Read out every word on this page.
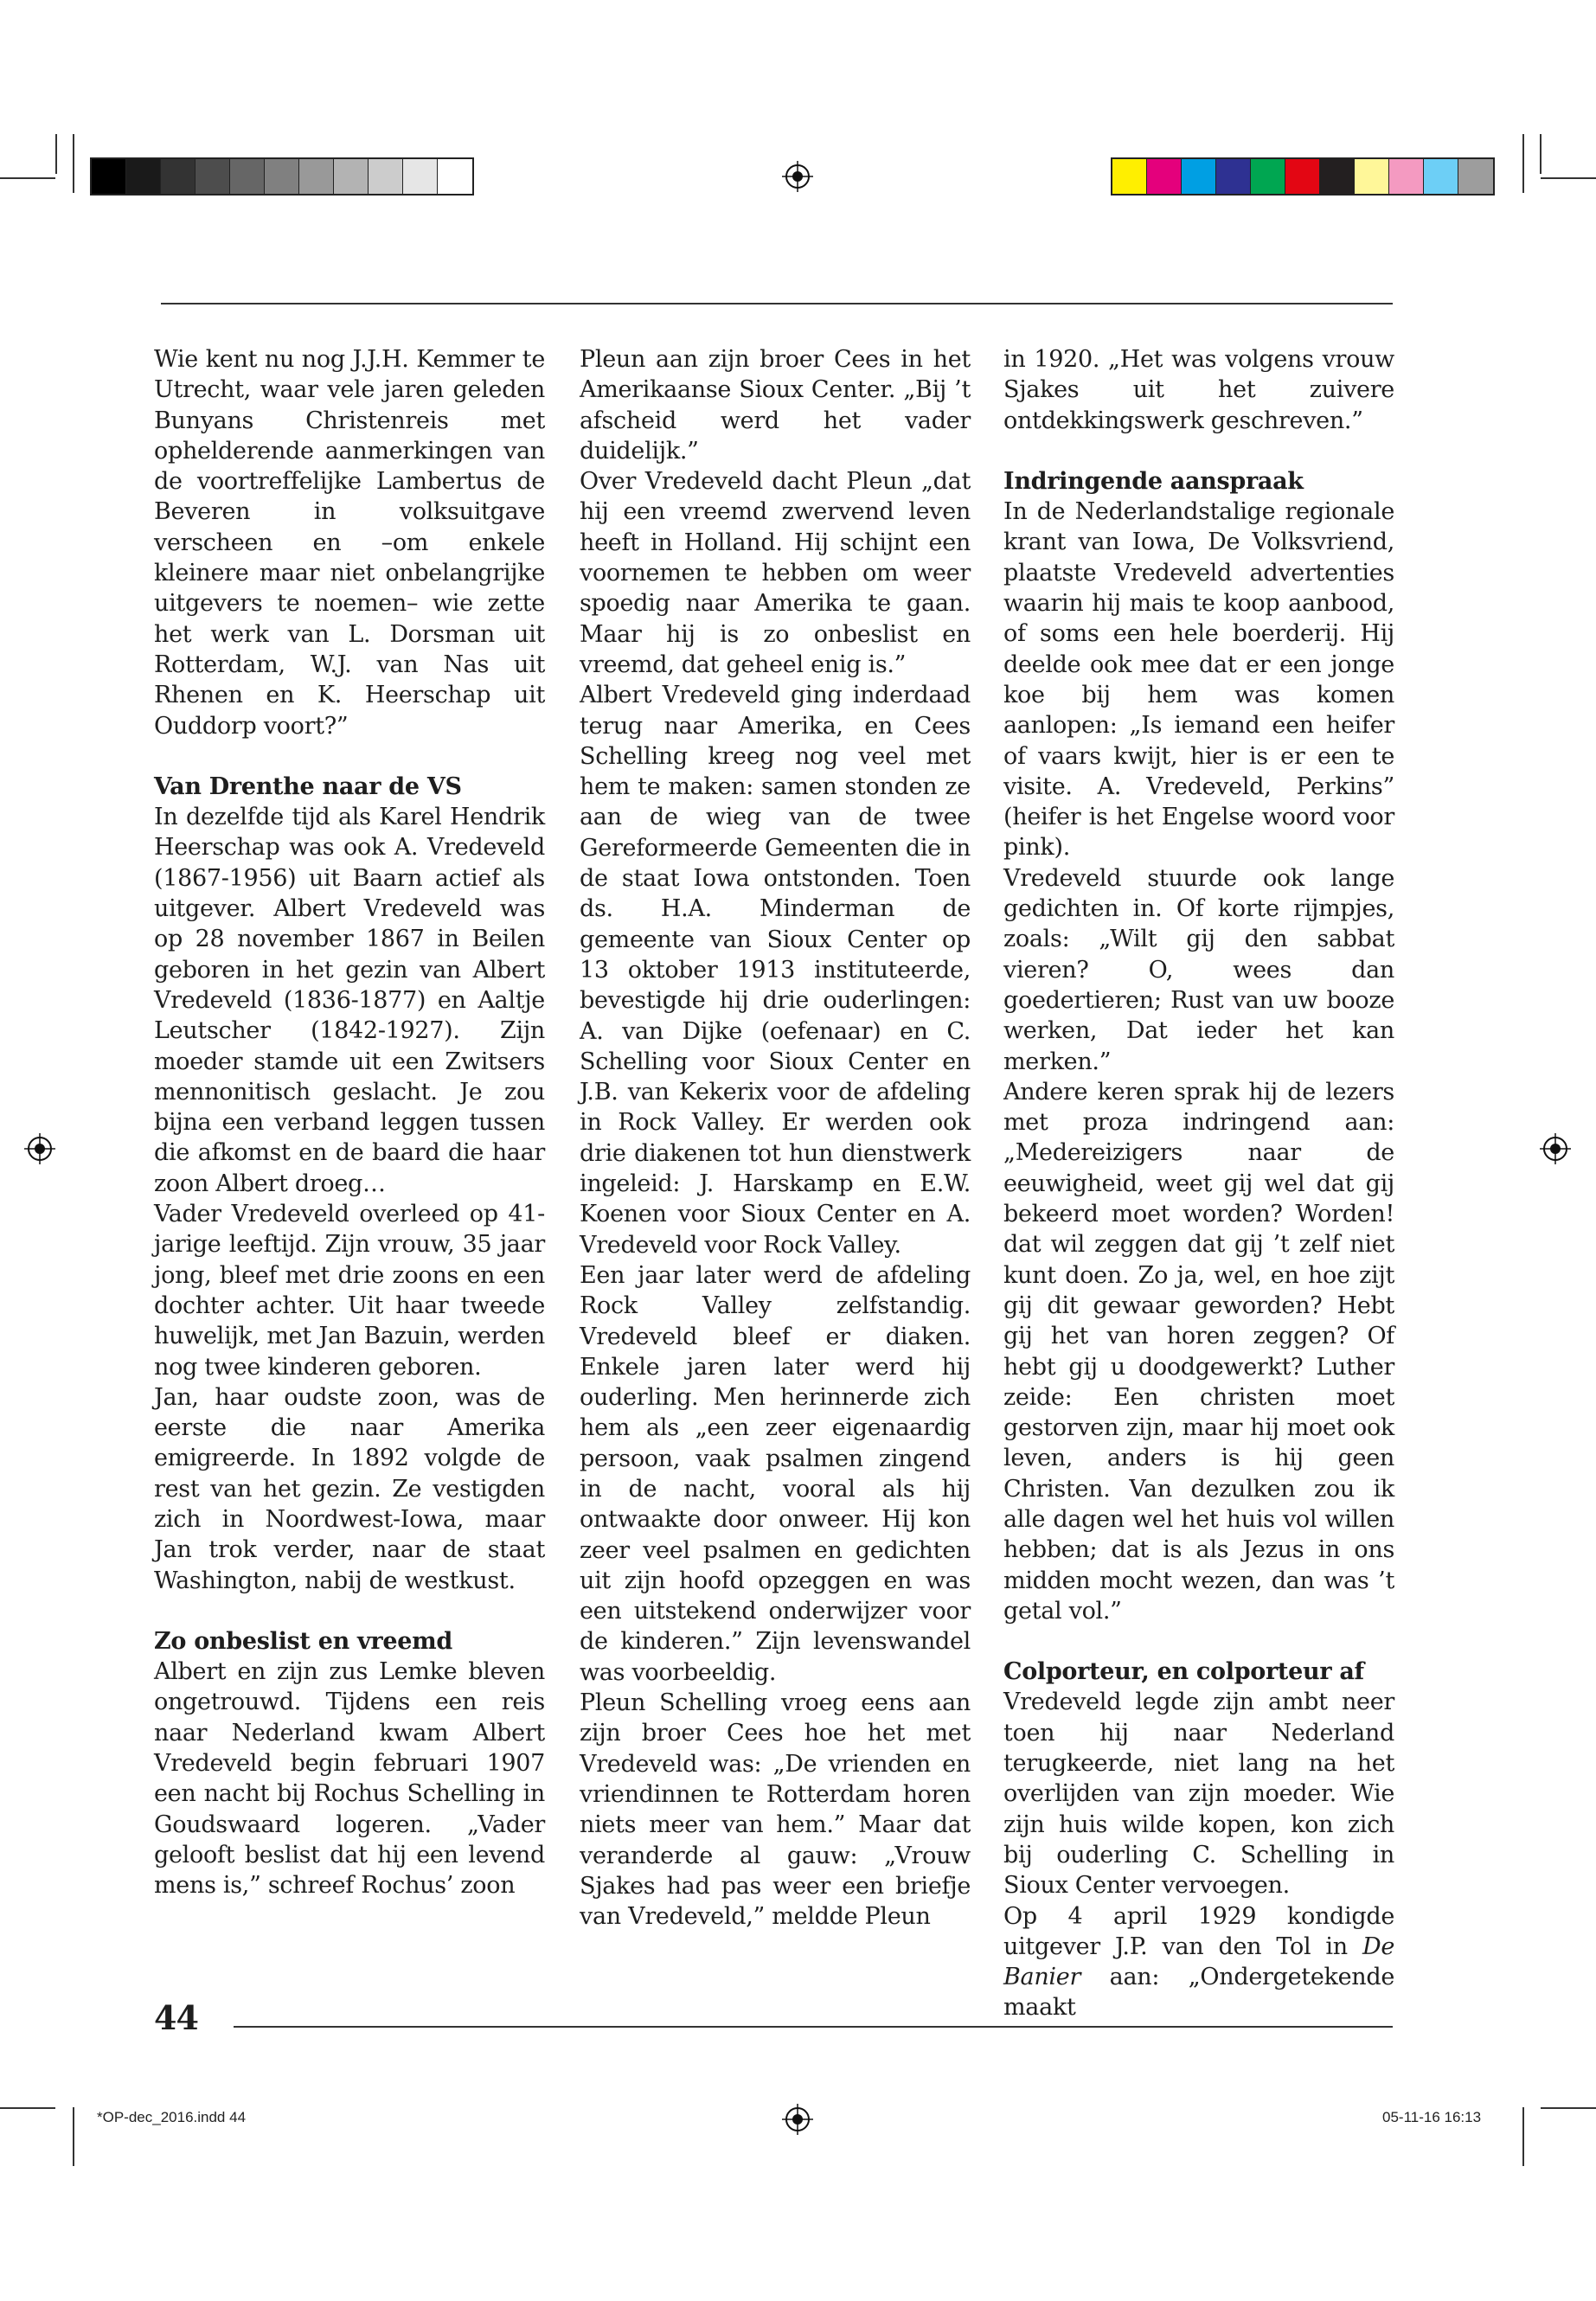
Wie kent nu nog J.J.H. Kemmer te Utrecht, waar vele jaren geleden Bunyans Christenreis met ophelderende aanmerkingen van de voortreffelijke Lambertus de Beveren in volksuitgave verscheen en –om enkele kleinere maar niet onbelangrijke uitgevers te noemen– wie zette het werk van L. Dorsman uit Rotterdam, W.J. van Nas uit Rhenen en K. Heerschap uit Ouddorp voort?”

Van Drenthe naar de VS

In dezelfde tijd als Karel Hendrik Heerschap was ook A. Vredeveld (1867-1956) uit Baarn actief als uitgever. Albert Vredeveld was op 28 november 1867 in Beilen geboren in het gezin van Albert Vredeveld (1836-1877) en Aaltje Leutscher (1842-1927). Zijn moeder stamde uit een Zwitsers mennonitisch geslacht. Je zou bijna een verband leggen tussen die afkomst en de baard die haar zoon Albert droeg…

Vader Vredeveld overleed op 41-jarige leeftijd. Zijn vrouw, 35 jaar jong, bleef met drie zoons en een dochter achter. Uit haar tweede huwelijk, met Jan Bazuin, werden nog twee kinderen geboren.

Jan, haar oudste zoon, was de eerste die naar Amerika emigreerde. In 1892 volgde de rest van het gezin. Ze vestigden zich in Noordwest-Iowa, maar Jan trok verder, naar de staat Washington, nabij de westkust.

Zo onbeslist en vreemd

Albert en zijn zus Lemke bleven ongetrouwd. Tijdens een reis naar Nederland kwam Albert Vredeveld begin februari 1907 een nacht bij Rochus Schelling in Goudswaard logeren. „Vader gelooft beslist dat hij een levend mens is,” schreef Rochus’ zoon

Pleun aan zijn broer Cees in het Amerikaanse Sioux Center. „Bij ’t afscheid werd het vader duidelijk.”

Over Vredeveld dacht Pleun „dat hij een vreemd zwervend leven heeft in Holland. Hij schijnt een voornemen te hebben om weer spoedig naar Amerika te gaan. Maar hij is zo onbeslist en vreemd, dat geheel enig is.”

Albert Vredeveld ging inderdaad terug naar Amerika, en Cees Schelling kreeg nog veel met hem te maken: samen stonden ze aan de wieg van de twee Gereformeerde Gemeenten die in de staat Iowa ontstonden. Toen ds. H.A. Minderman de gemeente van Sioux Center op 13 oktober 1913 instituteerde, bevestigde hij drie ouderlingen: A. van Dijke (oefenaar) en C. Schelling voor Sioux Center en J.B. van Kekerix voor de afdeling in Rock Valley. Er werden ook drie diakenen tot hun dienstwerk ingeleid: J. Harskamp en E.W. Koenen voor Sioux Center en A. Vredeveld voor Rock Valley.

Een jaar later werd de afdeling Rock Valley zelfstandig. Vredeveld bleef er diaken. Enkele jaren later werd hij ouderling. Men herinnerde zich hem als „een zeer eigenaardig persoon, vaak psalmen zingend in de nacht, vooral als hij ontwaakte door onweer. Hij kon zeer veel psalmen en gedichten uit zijn hoofd opzeggen en was een uitstekend onderwijzer voor de kinderen.” Zijn levenswandel was voorbeeldig.

Pleun Schelling vroeg eens aan zijn broer Cees hoe het met Vredeveld was: „De vrienden en vriendinnen te Rotterdam horen niets meer van hem.” Maar dat veranderde al gauw: „Vrouw Sjakes had pas weer een briefje van Vredeveld,” meldde Pleun

in 1920. „Het was volgens vrouw Sjakes uit het zuivere ontdekkingswerk geschreven.”

Indringende aanspraak

In de Nederlandstalige regionale krant van Iowa, De Volksvriend, plaatste Vredeveld advertenties waarin hij mais te koop aanbood, of soms een hele boerderij. Hij deelde ook mee dat er een jonge koe bij hem was komen aanlopen: „Is iemand een heifer of vaars kwijt, hier is er een te visite. A. Vredeveld, Perkins” (heifer is het Engelse woord voor pink).

Vredeveld stuurde ook lange gedichten in. Of korte rijmpjes, zoals: „Wilt gij den sabbat vieren? O, wees dan goedertieren; Rust van uw booze werken, Dat ieder het kan merken.”

Andere keren sprak hij de lezers met proza indringend aan: „Medereizigers naar de eeuwigheid, weet gij wel dat gij bekeerd moet worden? Worden! dat wil zeggen dat gij ’t zelf niet kunt doen. Zo ja, wel, en hoe zijt gij dit gewaar geworden? Hebt gij het van horen zeggen? Of hebt gij u doodgewerkt? Luther zeide: Een christen moet gestorven zijn, maar hij moet ook leven, anders is hij geen Christen. Van dezulken zou ik alle dagen wel het huis vol willen hebben; dat is als Jezus in ons midden mocht wezen, dan was ’t getal vol.”

Colporteur, en colporteur af

Vredeveld legde zijn ambt neer toen hij naar Nederland terugkeerde, niet lang na het overlijden van zijn moeder. Wie zijn huis wilde kopen, kon zich bij ouderling C. Schelling in Sioux Center vervoegen.

Op 4 april 1929 kondigde uitgever J.P. van den Tol in De Banier aan: „Ondergetekende maakt

44
*OP-dec_2016.indd 44	05-11-16 16:13
